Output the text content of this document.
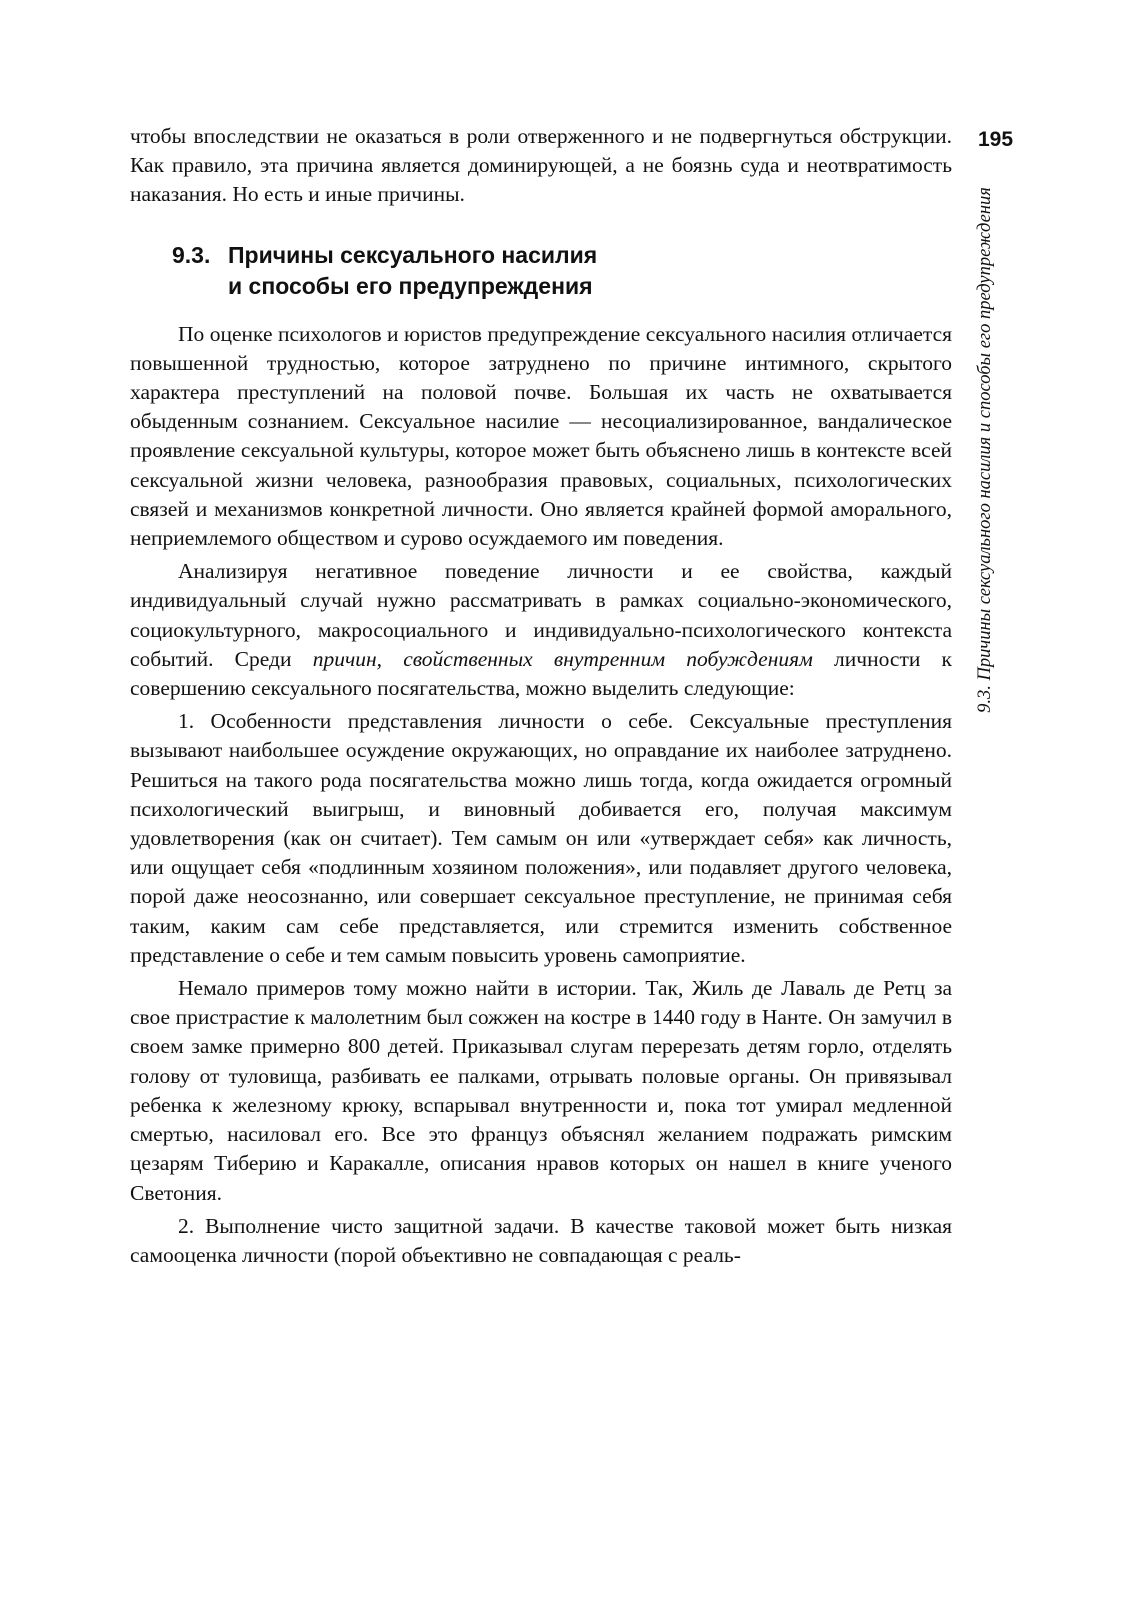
195
9.3. Причины сексуального насилия и способы его предупреждения

чтобы впоследствии не оказаться в роли отверженного и не подвергнуться обструкции. Как правило, эта причина является доминирующей, а не боязнь суда и неотвратимость наказания. Но есть и иные причины.

9.3. Причины сексуального насилия
и способы его предупреждения

По оценке психологов и юристов предупреждение сексуального насилия отличается повышенной трудностью, которое затруднено по причине интимного, скрытого характера преступлений на половой почве. Большая их часть не охватывается обыденным сознанием. Сексуальное насилие — несоциализированное, вандалическое проявление сексуальной культуры, которое может быть объяснено лишь в контексте всей сексуальной жизни человека, разнообразия правовых, социальных, психологических связей и механизмов конкретной личности. Оно является крайней формой аморального, неприемлемого обществом и сурово осуждаемого им поведения.

Анализируя негативное поведение личности и ее свойства, каждый индивидуальный случай нужно рассматривать в рамках социально-экономического, социокультурного, макросоциального и индивидуально-психологического контекста событий. Среди причин, свойственных внутренним побуждениям личности к совершению сексуального посягательства, можно выделить следующие:

1. Особенности представления личности о себе. Сексуальные преступления вызывают наибольшее осуждение окружающих, но оправдание их наиболее затруднено. Решиться на такого рода посягательства можно лишь тогда, когда ожидается огромный психологический выигрыш, и виновный добивается его, получая максимум удовлетворения (как он считает). Тем самым он или «утверждает себя» как личность, или ощущает себя «подлинным хозяином положения», или подавляет другого человека, порой даже неосознанно, или совершает сексуальное преступление, не принимая себя таким, каким сам себе представляется, или стремится изменить собственное представление о себе и тем самым повысить уровень самоприятие.

Немало примеров тому можно найти в истории. Так, Жиль де Лаваль де Ретц за свое пристрастие к малолетним был сожжен на костре в 1440 году в Нанте. Он замучил в своем замке примерно 800 детей. Приказывал слугам перерезать детям горло, отделять голову от туловища, разбивать ее палками, отрывать половые органы. Он привязывал ребенка к железному крюку, вспарывал внутренности и, пока тот умирал медленной смертью, насиловал его. Все это француз объяснял желанием подражать римским цезарям Тиберию и Каракалле, описания нравов которых он нашел в книге ученого Светония.

2. Выполнение чисто защитной задачи. В качестве таковой может быть низкая самооценка личности (порой объективно не совпадающая с реаль-
